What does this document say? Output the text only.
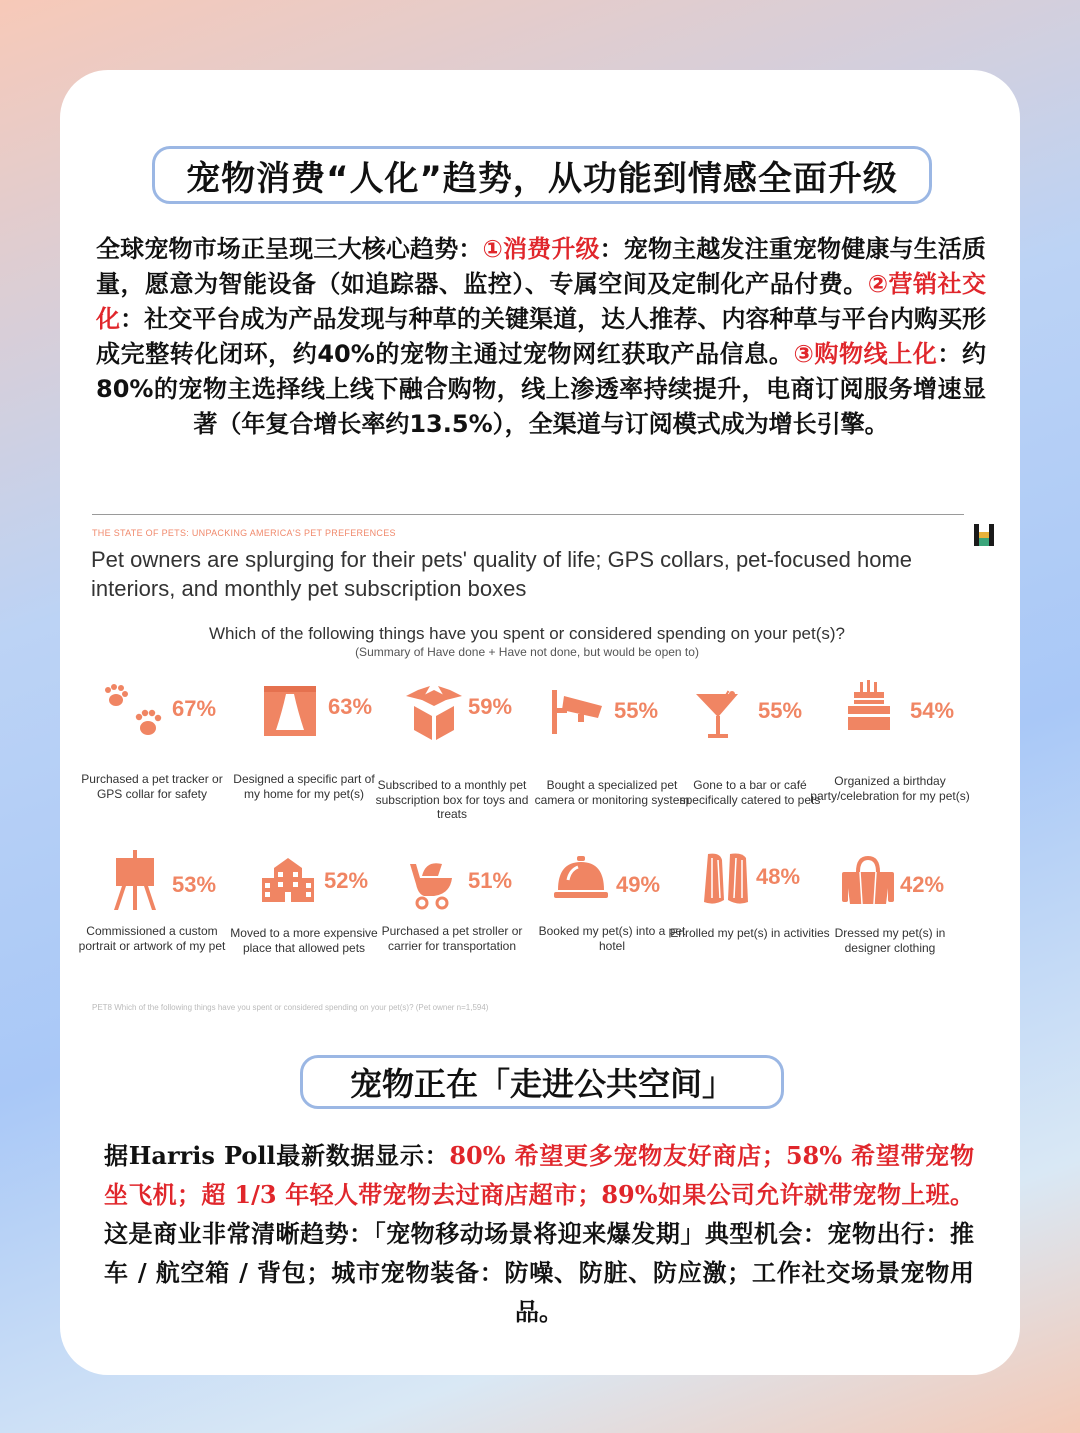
宠物消费“人化”趋势，从功能到情感全面升级
全球宠物市场正呈现三大核心趋势：①消费升级：宠物主越发注重宠物健康与生活质量，愿意为智能设备（如追踪器、监控）、专属空间及定制化产品付费。②营销社交化：社交平台成为产品发现与种草的关键渠道，达人推荐、内容种草与平台内购买形成完整转化闭环，约40%的宠物主通过宠物网红获取产品信息。③购物线上化：约80%的宠物主选择线上线下融合购物，线上渗透率持续提升，电商订阅服务增速显著（年复合增长率约13.5%），全渠道与订阅模式成为增长引擎。
THE STATE OF PETS: UNPACKING AMERICA'S PET PREFERENCES
Pet owners are splurging for their pets' quality of life; GPS collars, pet-focused home interiors, and monthly pet subscription boxes
Which of the following things have you spent or considered spending on your pet(s)?
(Summary of Have done + Have not done, but would be open to)
67%
Purchased a pet tracker or GPS collar for safety
63%
Designed a specific part of my home for my pet(s)
59%
Subscribed to a monthly pet subscription box for toys and treats
55%
Bought a specialized pet camera or monitoring system
55%
Gone to a bar or café specifically catered to pets
54%
Organized a birthday party/celebration for my pet(s)
53%
Commissioned a custom portrait or artwork of my pet
52%
Moved to a more expensive place that allowed pets
51%
Purchased a pet stroller or carrier for transportation
49%
Booked my pet(s) into a pet hotel
48%
Enrolled my pet(s) in activities
42%
Dressed my pet(s) in designer clothing
PET8 Which of the following things have you spent or considered spending on your pet(s)? (Pet owner n=1,594)
宠物正在「走进公共空间」
据Harris Poll最新数据显示：80% 希望更多宠物友好商店；58% 希望带宠物坐飞机；超 1/3 年轻人带宠物去过商店超市；89%如果公司允许就带宠物上班。这是商业非常清晰趋势：「宠物移动场景将迎来爆发期」典型机会：宠物出行：推车 / 航空箱 / 背包；城市宠物装备：防噪、防脏、防应激；工作社交场景宠物用品。
